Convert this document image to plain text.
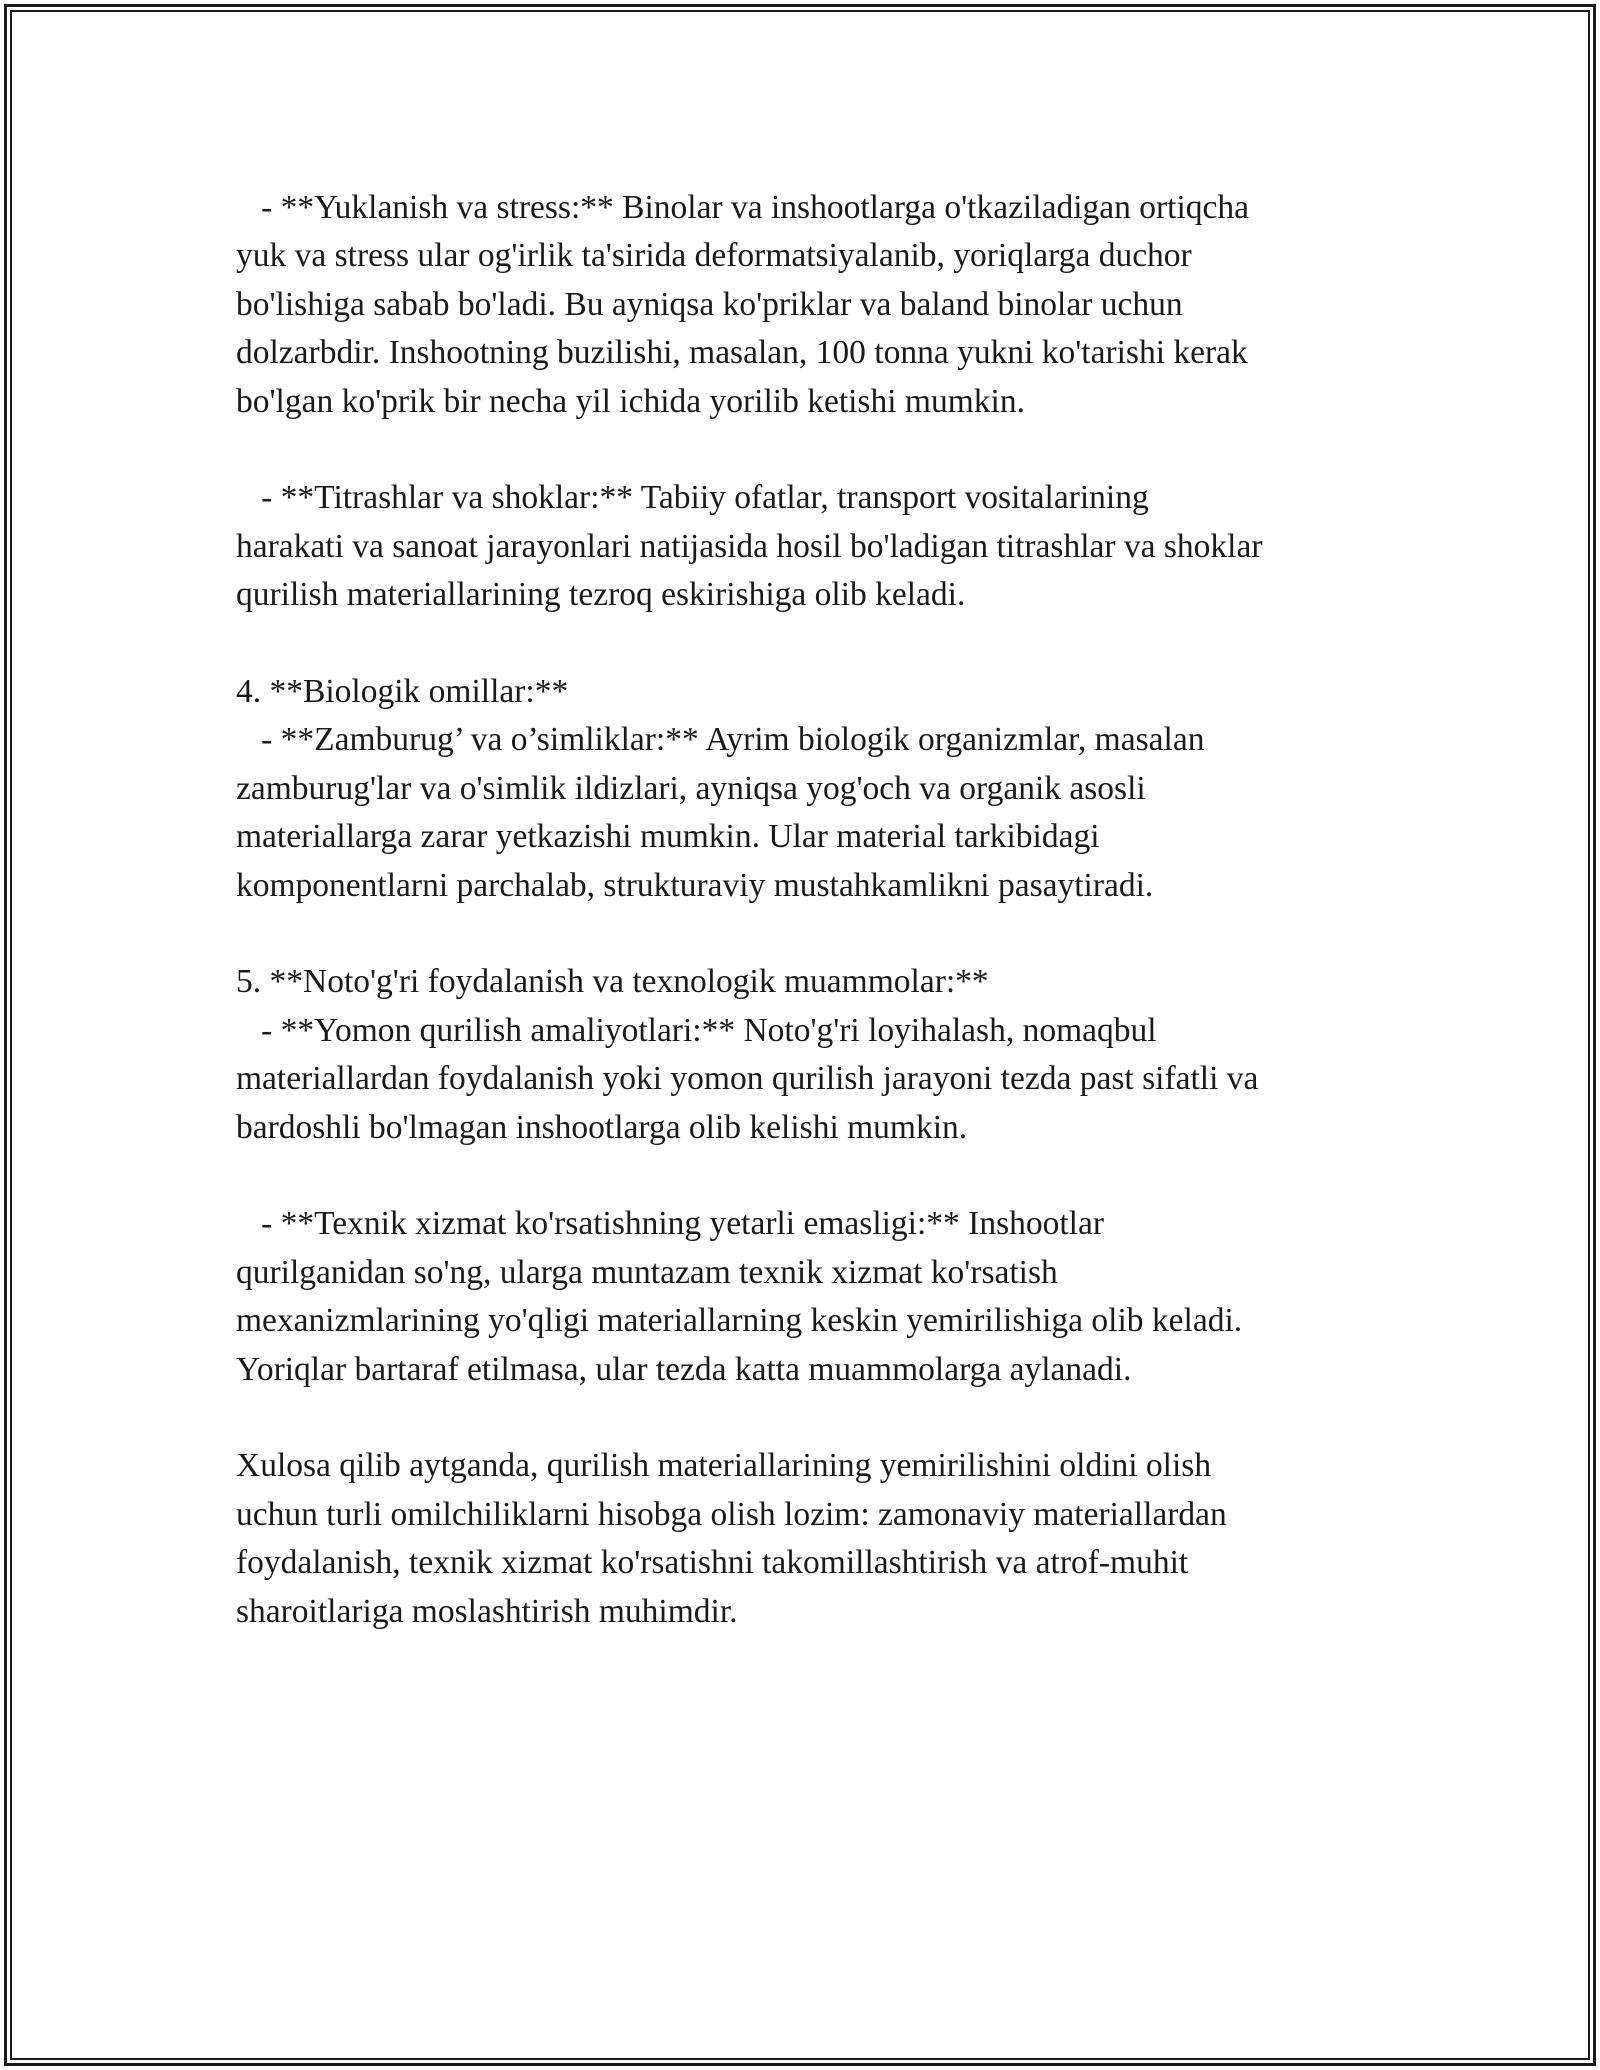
- **Yuklanish va stress:** Binolar va inshootlarga o'tkaziladigan ortiqcha
yuk va stress ular og'irlik ta'sirida deformatsiyalanib, yoriqlarga duchor
bo'lishiga sabab bo'ladi. Bu ayniqsa ko'priklar va baland binolar uchun
dolzarbdir. Inshootning buzilishi, masalan, 100 tonna yukni ko'tarishi kerak
bo'lgan ko'prik bir necha yil ichida yorilib ketishi mumkin.

- **Titrashlar va shoklar:** Tabiiy ofatlar, transport vositalarining
harakati va sanoat jarayonlari natijasida hosil bo'ladigan titrashlar va shoklar
qurilish materiallarining tezroq eskirishiga olib keladi.

4. **Biologik omillar:**
- **Zamburug’ va o’simliklar:** Ayrim biologik organizmlar, masalan
zamburug'lar va o'simlik ildizlari, ayniqsa yog'och va organik asosli
materiallarga zarar yetkazishi mumkin. Ular material tarkibidagi
komponentlarni parchalab, strukturaviy mustahkamlikni pasaytiradi.

5. **Noto'g'ri foydalanish va texnologik muammolar:**
- **Yomon qurilish amaliyotlari:** Noto'g'ri loyihalash, nomaqbul
materiallardan foydalanish yoki yomon qurilish jarayoni tezda past sifatli va
bardoshli bo'lmagan inshootlarga olib kelishi mumkin.

- **Texnik xizmat ko'rsatishning yetarli emasligi:** Inshootlar
qurilganidan so'ng, ularga muntazam texnik xizmat ko'rsatish
mexanizmlarining yo'qligi materiallarning keskin yemirilishiga olib keladi.
Yoriqlar bartaraf etilmasa, ular tezda katta muammolarga aylanadi.

Xulosa qilib aytganda, qurilish materiallarining yemirilishini oldini olish
uchun turli omilchiliklarni hisobga olish lozim: zamonaviy materiallardan
foydalanish, texnik xizmat ko'rsatishni takomillashtirish va atrof-muhit
sharoitlariga moslashtirish muhimdir.
